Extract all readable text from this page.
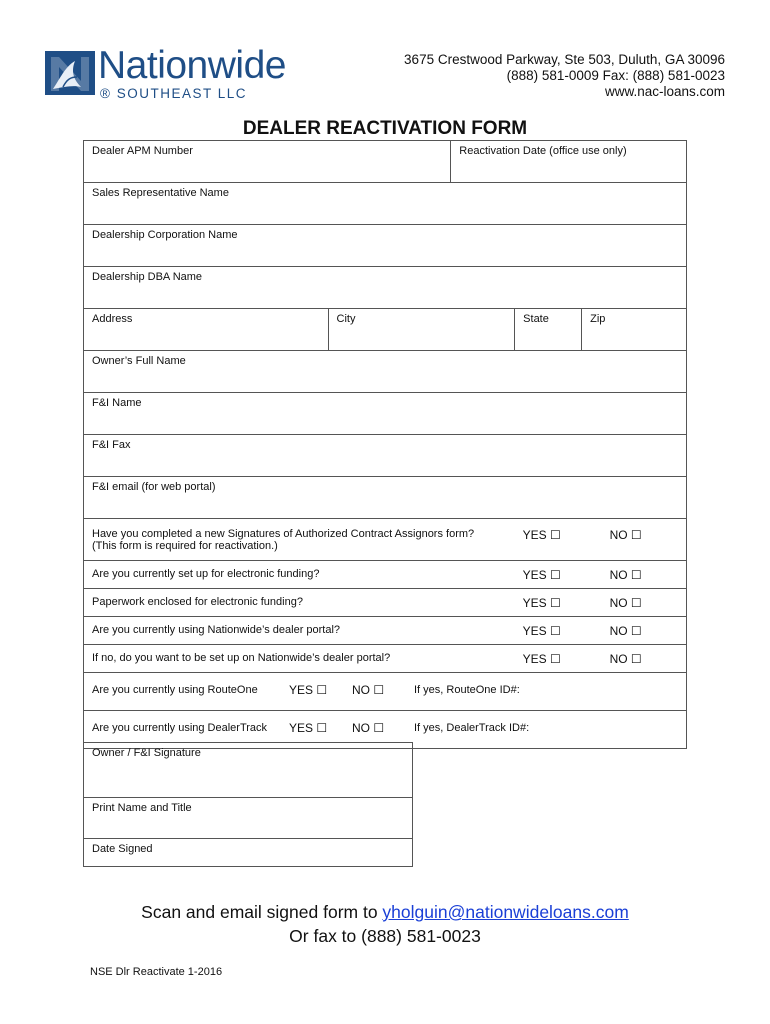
Nationwide
® SOUTHEAST LLC
3675 Crestwood Parkway, Ste 503, Duluth, GA 30096
(888) 581-0009 Fax: (888) 581-0023
www.nac-loans.com
DEALER REACTIVATION FORM
Dealer APM Number		Reactivation Date (office use only)		
Sales Representative Name				
Dealership Corporation Name				
Dealership DBA Name				
Address	City		State	Zip
Owner’s Full Name				
F&I Name				
F&I Fax				
F&I email (for web portal)				

Have you completed a new Signatures of Authorized Contract Assignors form?
(This form is required for reactivation.)			YES ☐	NO ☐
Are you currently set up for electronic funding?			YES ☐	NO ☐
Paperwork enclosed for electronic funding?			YES ☐	NO ☐
Are you currently using Nationwide’s dealer portal?			YES ☐	NO ☐
If no, do you want to be set up on Nationwide’s dealer portal?			YES ☐	NO ☐

Are you currently using RouteOne YES ☐ NO ☐ If yes, RouteOne ID#:				

Are you currently using DealerTrack YES ☐ NO ☐ If yes, DealerTrack ID#:				
Owner / F&I Signature
Print Name and Title
Date Signed
Scan and email signed form to yholguin@nationwideloans.com
Or fax to (888) 581-0023
NSE Dlr Reactivate 1-2016
